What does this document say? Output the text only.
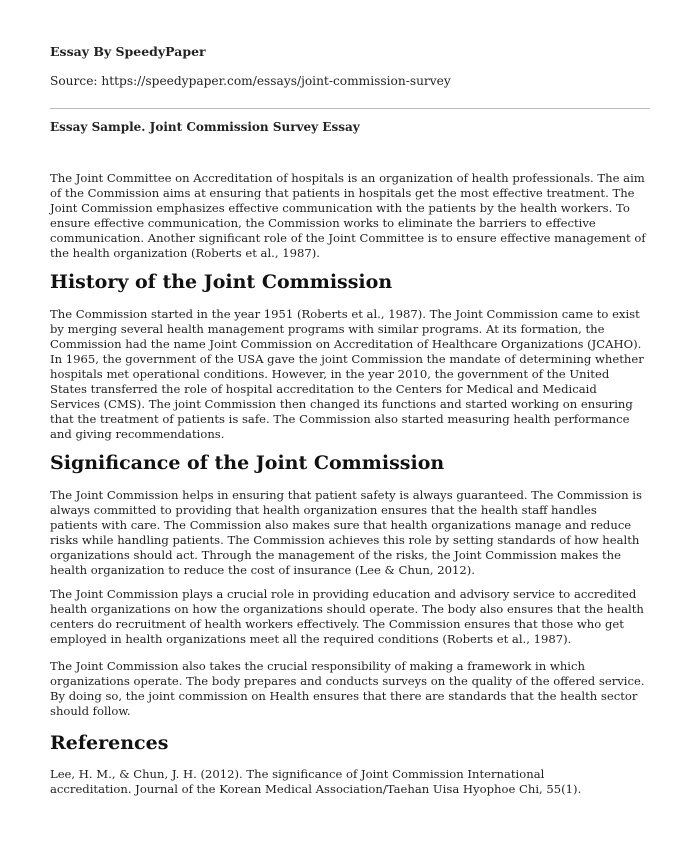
Essay By SpeedyPaper
Source: https://speedypaper.com/essays/joint-commission-survey
Essay Sample. Joint Commission Survey Essay

The Joint Committee on Accreditation of hospitals is an organization of health professionals. The aim
of the Commission aims at ensuring that patients in hospitals get the most effective treatment. The
Joint Commission emphasizes effective communication with the patients by the health workers. To
ensure effective communication, the Commission works to eliminate the barriers to effective
communication. Another significant role of the Joint Committee is to ensure effective management of
the health organization (Roberts et al., 1987).

History of the Joint Commission

The Commission started in the year 1951 (Roberts et al., 1987). The Joint Commission came to exist
by merging several health management programs with similar programs. At its formation, the
Commission had the name Joint Commission on Accreditation of Healthcare Organizations (JCAHO).
In 1965, the government of the USA gave the joint Commission the mandate of determining whether
hospitals met operational conditions. However, in the year 2010, the government of the United
States transferred the role of hospital accreditation to the Centers for Medical and Medicaid
Services (CMS). The joint Commission then changed its functions and started working on ensuring
that the treatment of patients is safe. The Commission also started measuring health performance
and giving recommendations.

Significance of the Joint Commission

The Joint Commission helps in ensuring that patient safety is always guaranteed. The Commission is
always committed to providing that health organization ensures that the health staff handles
patients with care. The Commission also makes sure that health organizations manage and reduce
risks while handling patients. The Commission achieves this role by setting standards of how health
organizations should act. Through the management of the risks, the Joint Commission makes the
health organization to reduce the cost of insurance (Lee & Chun, 2012).

The Joint Commission plays a crucial role in providing education and advisory service to accredited
health organizations on how the organizations should operate. The body also ensures that the health
centers do recruitment of health workers effectively. The Commission ensures that those who get
employed in health organizations meet all the required conditions (Roberts et al., 1987).

The Joint Commission also takes the crucial responsibility of making a framework in which
organizations operate. The body prepares and conducts surveys on the quality of the offered service.
By doing so, the joint commission on Health ensures that there are standards that the health sector
should follow.

References

Lee, H. M., & Chun, J. H. (2012). The significance of Joint Commission International
accreditation. Journal of the Korean Medical Association/Taehan Uisa Hyophoe Chi, 55(1).
